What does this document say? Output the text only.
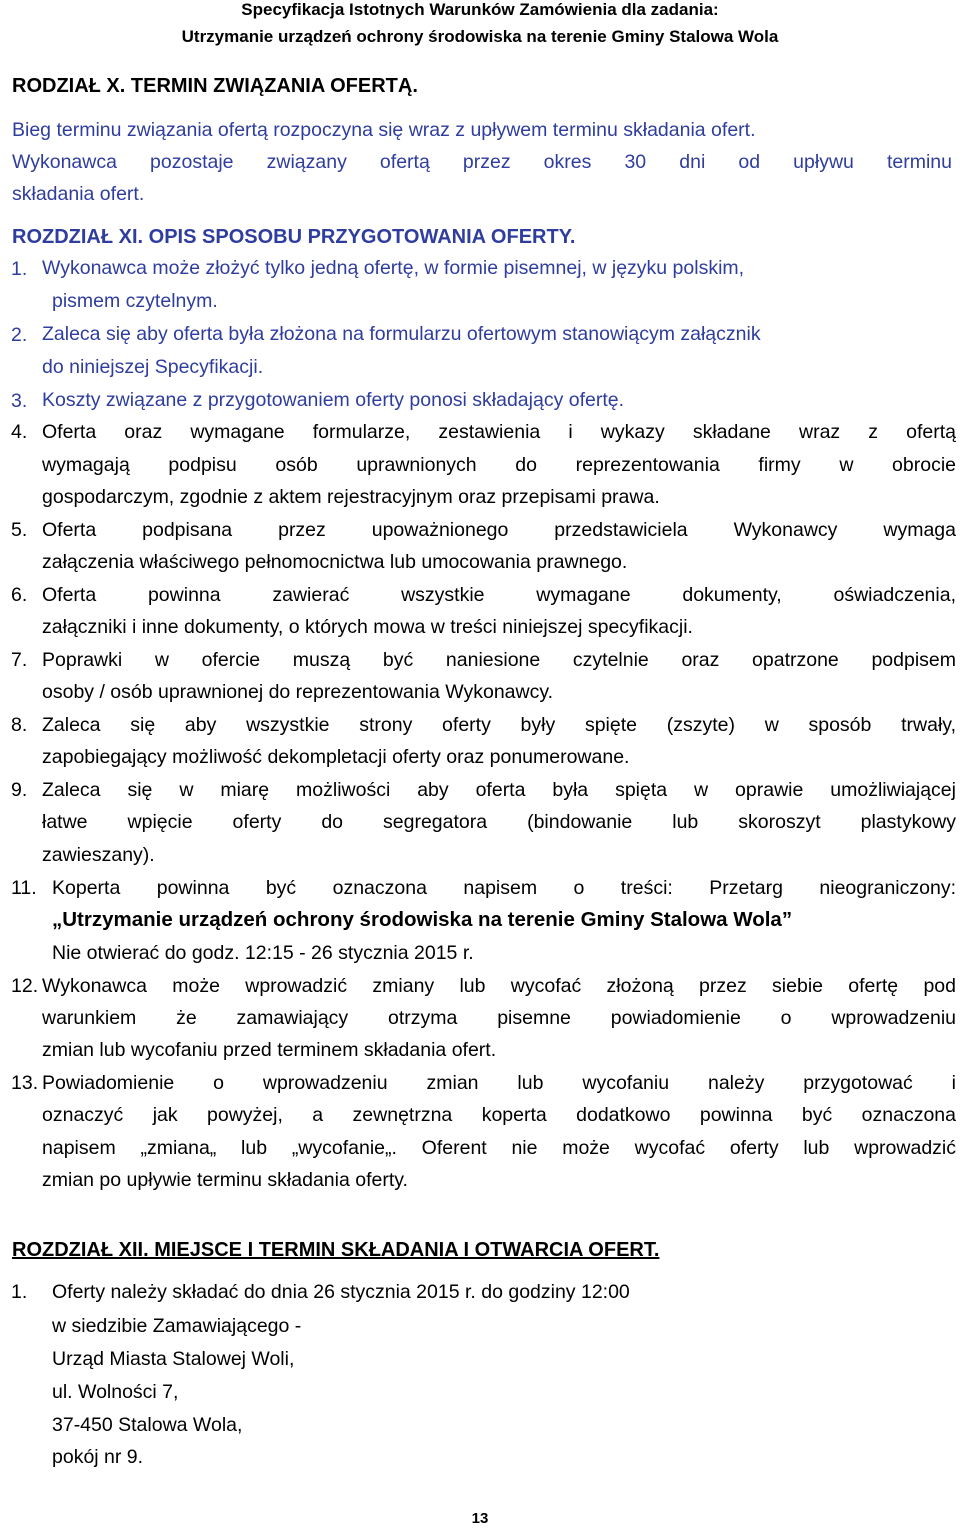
Specyfikacja Istotnych Warunków Zamówienia dla zadania:
Utrzymanie urządzeń ochrony środowiska na terenie Gminy Stalowa Wola
RODZIAŁ X. TERMIN ZWIĄZANIA OFERTĄ.
Bieg terminu związania ofertą rozpoczyna się wraz z upływem terminu składania ofert.
Wykonawca pozostaje związany ofertą przez okres 30 dni od upływu terminu
składania ofert.
ROZDZIAŁ XI. OPIS SPOSOBU PRZYGOTOWANIA OFERTY.
1. Wykonawca może złożyć tylko jedną ofertę, w formie pisemnej, w języku polskim,
pismem czytelnym.
2. Zaleca się aby oferta była złożona na formularzu ofertowym stanowiącym załącznik
do niniejszej Specyfikacji.
3. Koszty związane z przygotowaniem oferty ponosi składający ofertę.
4. Oferta oraz wymagane formularze, zestawienia i wykazy składane wraz z ofertą
wymagają podpisu osób uprawnionych do reprezentowania firmy w obrocie
gospodarczym, zgodnie z aktem rejestracyjnym oraz przepisami prawa.
5. Oferta podpisana przez upoważnionego przedstawiciela Wykonawcy wymaga
załączenia właściwego pełnomocnictwa lub umocowania prawnego.
6. Oferta powinna zawierać wszystkie wymagane dokumenty, oświadczenia,
załączniki i inne dokumenty, o których mowa w treści niniejszej specyfikacji.
7. Poprawki w ofercie muszą być naniesione czytelnie oraz opatrzone podpisem
osoby / osób uprawnionej do reprezentowania Wykonawcy.
8. Zaleca się aby wszystkie strony oferty były spięte (zszyte) w sposób trwały,
zapobiegający możliwość dekompletacji oferty oraz ponumerowane.
9. Zaleca się w miarę możliwości aby oferta była spięta w oprawie umożliwiającej
łatwe wpięcie oferty do segregatora (bindowanie lub skoroszyt plastykowy
zawieszany).
11. Koperta powinna być oznaczona napisem o treści: Przetarg nieograniczony:
„Utrzymanie urządzeń ochrony środowiska na terenie Gminy Stalowa Wola”
Nie otwierać do godz. 12:15 - 26 stycznia 2015 r.
12. Wykonawca może wprowadzić zmiany lub wycofać złożoną przez siebie ofertę pod
warunkiem że zamawiający otrzyma pisemne powiadomienie o wprowadzeniu
zmian lub wycofaniu przed terminem składania ofert.
13. Powiadomienie o wprowadzeniu zmian lub wycofaniu należy przygotować i
oznaczyć jak powyżej, a zewnętrzna koperta dodatkowo powinna być oznaczona
napisem „zmiana„ lub „wycofanie„. Oferent nie może wycofać oferty lub wprowadzić
zmian po upływie terminu składania oferty.
ROZDZIAŁ XII. MIEJSCE I TERMIN SKŁADANIA I OTWARCIA OFERT.
1. Oferty należy składać do dnia 26 stycznia 2015 r. do godziny 12:00
w siedzibie Zamawiającego -
Urząd Miasta Stalowej Woli,
ul. Wolności 7,
37-450 Stalowa Wola,
pokój nr 9.
13
